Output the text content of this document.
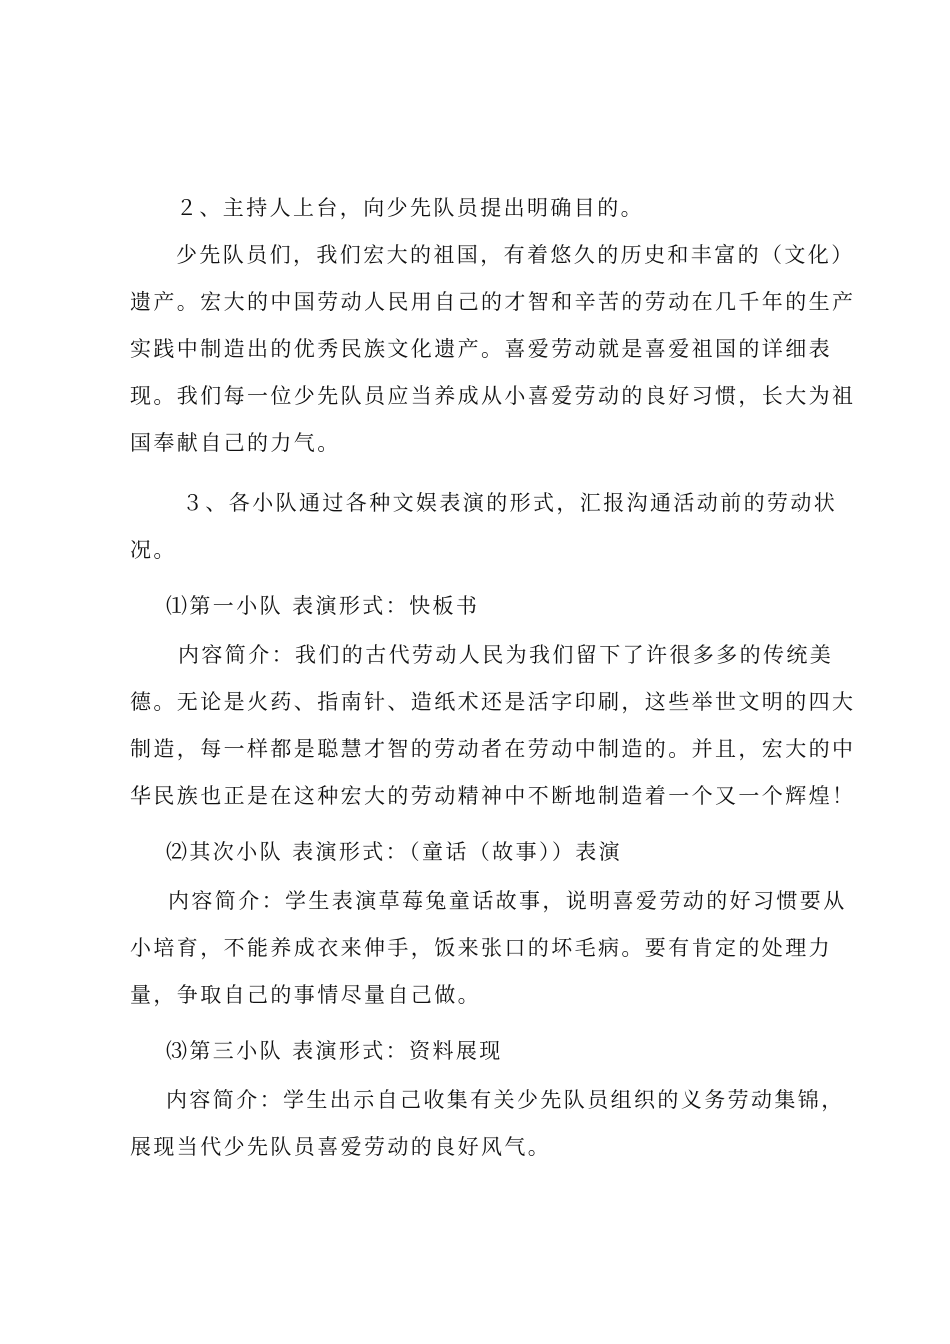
２、主持人上台，向少先队员提出明确目的。
少先队员们，我们宏大的祖国，有着悠久的历史和丰富的（文化）
遗产。宏大的中国劳动人民用自己的才智和辛苦的劳动在几千年的生产
实践中制造出的优秀民族文化遗产。喜爱劳动就是喜爱祖国的详细表
现。我们每一位少先队员应当养成从小喜爱劳动的良好习惯，长大为祖
国奉献自己的力气。
３、各小队通过各种文娱表演的形式，汇报沟通活动前的劳动状
况。
⑴第一小队 表演形式：快板书
内容简介：我们的古代劳动人民为我们留下了许很多多的传统美
德。无论是火药、指南针、造纸术还是活字印刷，这些举世文明的四大
制造，每一样都是聪慧才智的劳动者在劳动中制造的。并且，宏大的中
华民族也正是在这种宏大的劳动精神中不断地制造着一个又一个辉煌！
⑵其次小队 表演形式：（童话（故事））表演
内容简介：学生表演草莓兔童话故事，说明喜爱劳动的好习惯要从
小培育，不能养成衣来伸手，饭来张口的坏毛病。要有肯定的处理力
量，争取自己的事情尽量自己做。
⑶第三小队 表演形式：资料展现
内容简介：学生出示自己收集有关少先队员组织的义务劳动集锦，
展现当代少先队员喜爱劳动的良好风气。
